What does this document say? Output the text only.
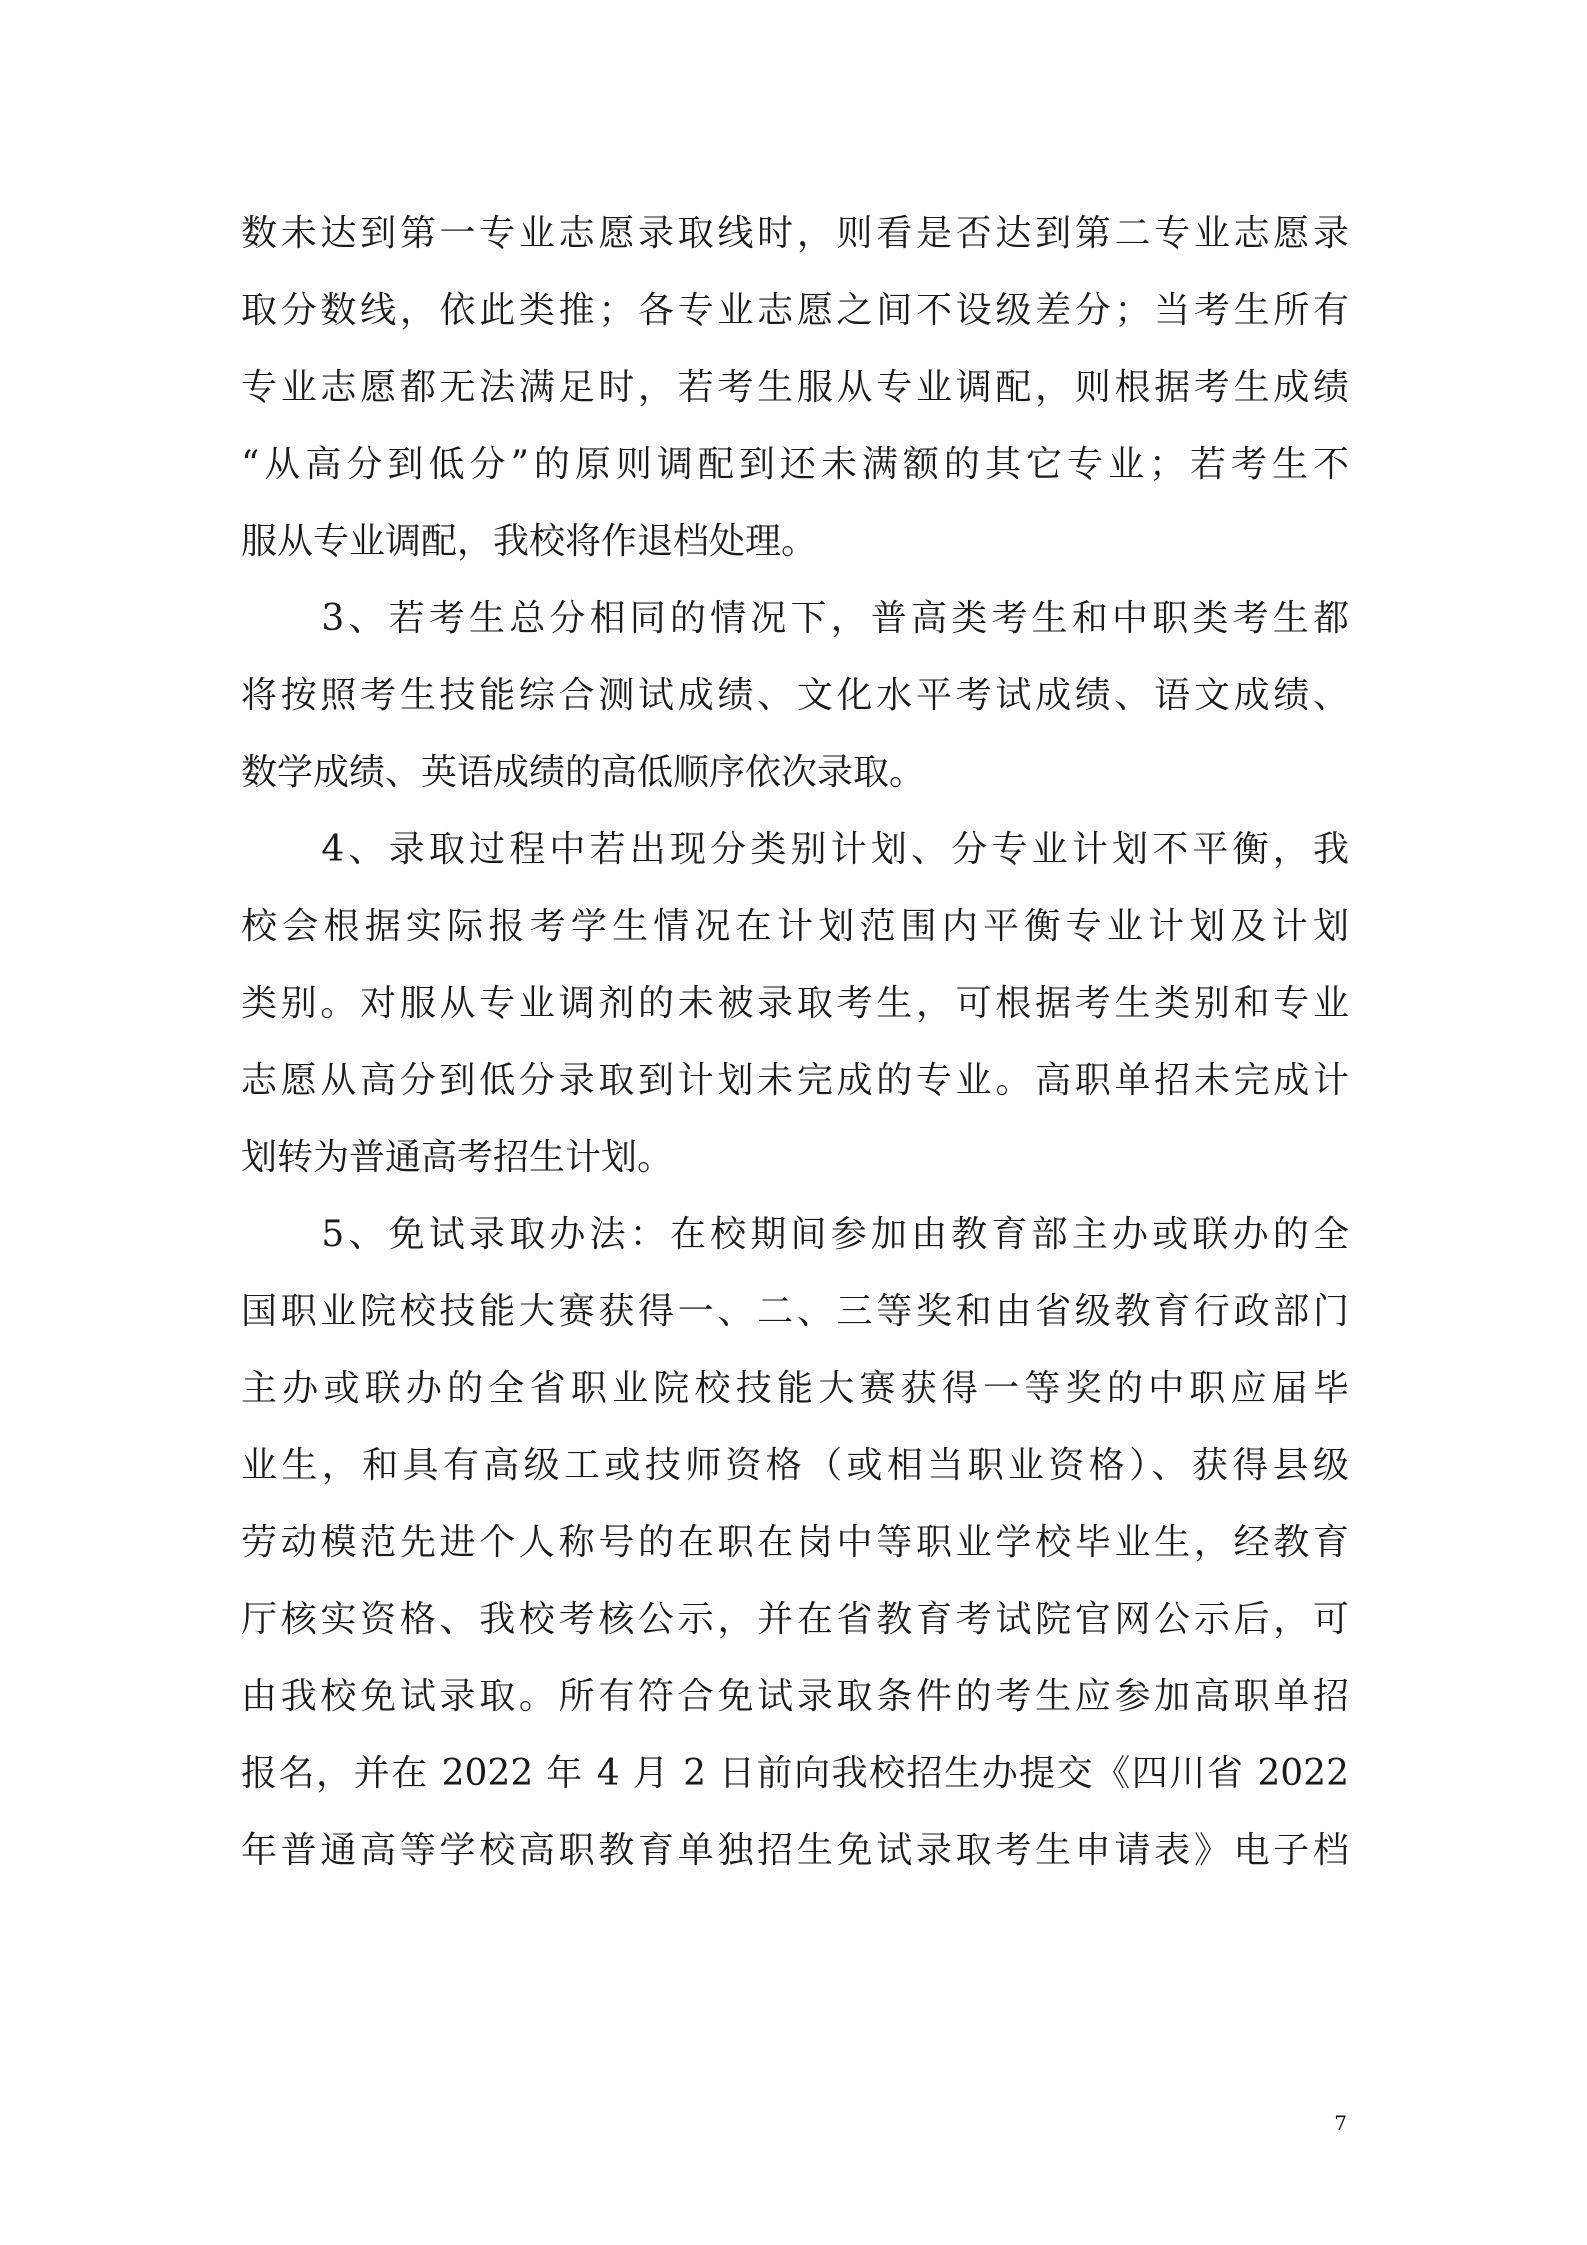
数未达到第一专业志愿录取线时，则看是否达到第二专业志愿录
取分数线，依此类推；各专业志愿之间不设级差分；当考生所有
专业志愿都无法满足时，若考生服从专业调配，则根据考生成绩
“从高分到低分”的原则调配到还未满额的其它专业；若考生不
服从专业调配，我校将作退档处理。
　　3、若考生总分相同的情况下，普高类考生和中职类考生都
将按照考生技能综合测试成绩、文化水平考试成绩、语文成绩、
数学成绩、英语成绩的高低顺序依次录取。
　　4、录取过程中若出现分类别计划、分专业计划不平衡，我
校会根据实际报考学生情况在计划范围内平衡专业计划及计划
类别。对服从专业调剂的未被录取考生，可根据考生类别和专业
志愿从高分到低分录取到计划未完成的专业。高职单招未完成计
划转为普通高考招生计划。
　　5、免试录取办法：在校期间参加由教育部主办或联办的全
国职业院校技能大赛获得一、二、三等奖和由省级教育行政部门
主办或联办的全省职业院校技能大赛获得一等奖的中职应届毕
业生，和具有高级工或技师资格（或相当职业资格）、获得县级
劳动模范先进个人称号的在职在岗中等职业学校毕业生，经教育
厅核实资格、我校考核公示，并在省教育考试院官网公示后，可
由我校免试录取。所有符合免试录取条件的考生应参加高职单招
报名，并在 2022 年 4 月 2 日前向我校招生办提交《四川省 2022
年普通高等学校高职教育单独招生免试录取考生申请表》电子档
7
